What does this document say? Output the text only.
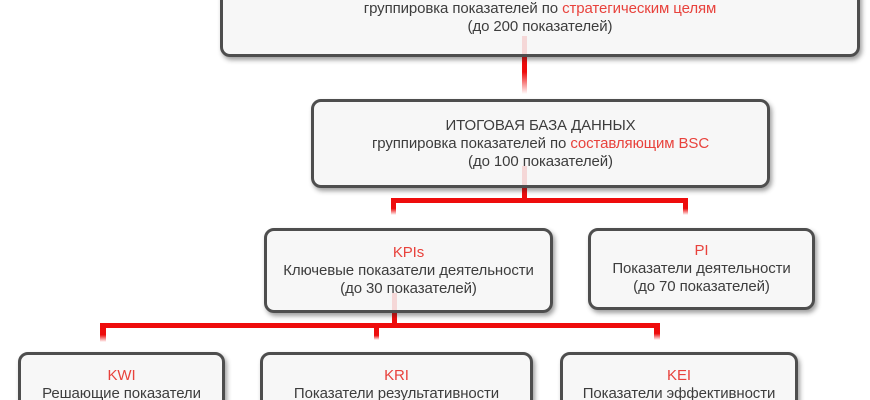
группировка показателей по стратегическим целям
(до 200 показателей)
ИТОГОВАЯ БАЗА ДАННЫХ
группировка показателей по составляющим BSC
(до 100 показателей)
KPIs
Ключевые показатели деятельности
(до 30 показателей)
PI
Показатели деятельности
(до 70 показателей)
KWI
Решающие показатели
KRI
Показатели результативности
KEI
Показатели эффективности
